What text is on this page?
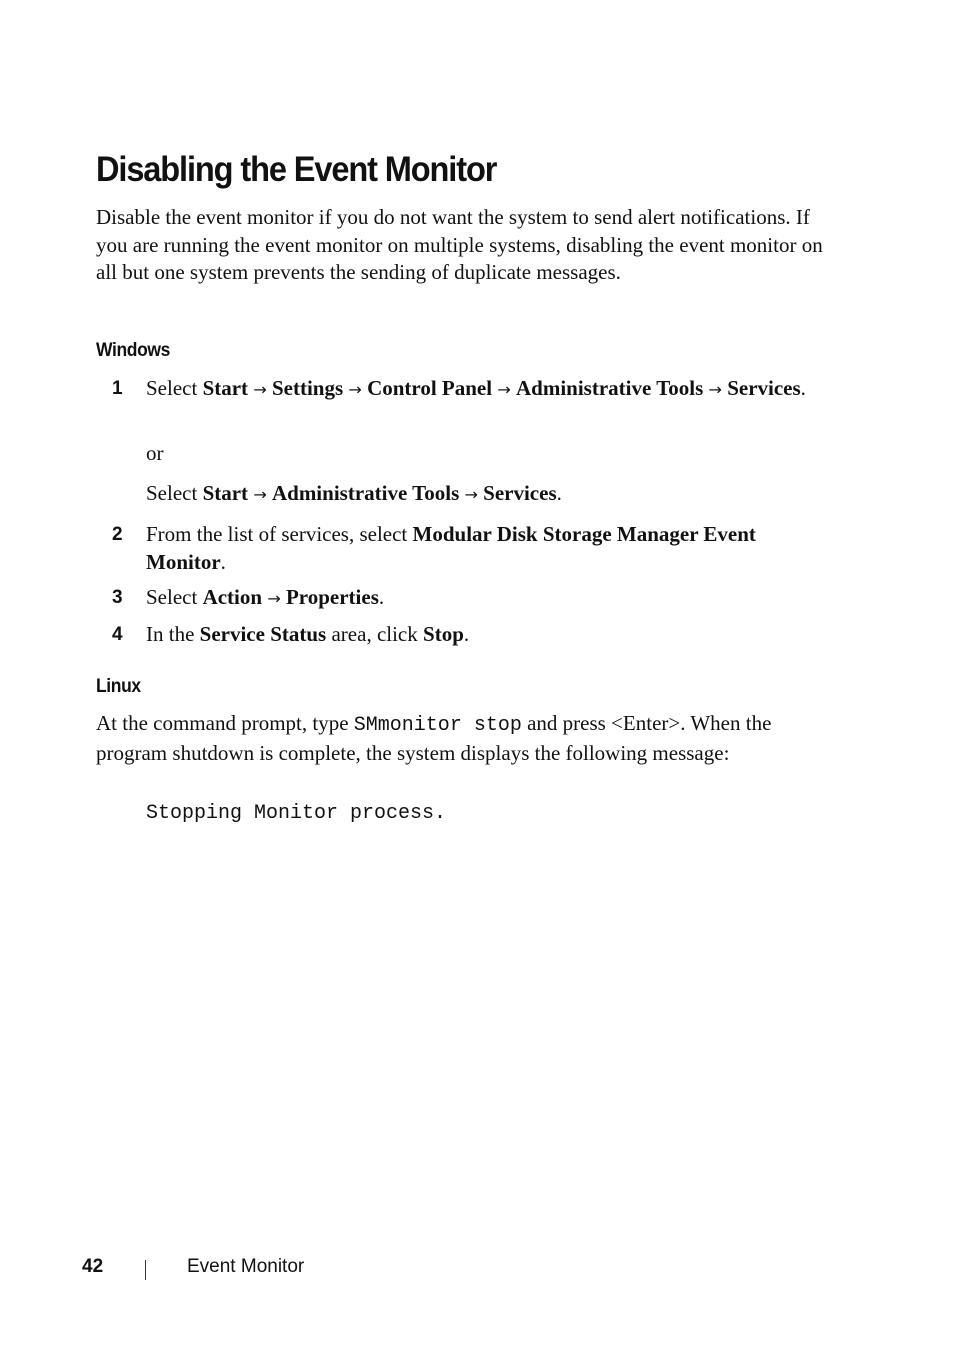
Disabling the Event Monitor

Disable the event monitor if you do not want the system to send alert notifications. If you are running the event monitor on multiple systems, disabling the event monitor on all but one system prevents the sending of duplicate messages.

Windows
1 Select Start → Settings → Control Panel → Administrative Tools → Services.
or
Select Start → Administrative Tools → Services.
2 From the list of services, select Modular Disk Storage Manager Event Monitor.
3 Select Action → Properties.
4 In the Service Status area, click Stop.
Linux

At the command prompt, type SMmonitor stop and press <Enter>. When the program shutdown is complete, the system displays the following message:

Stopping Monitor process.
42	Event Monitor
